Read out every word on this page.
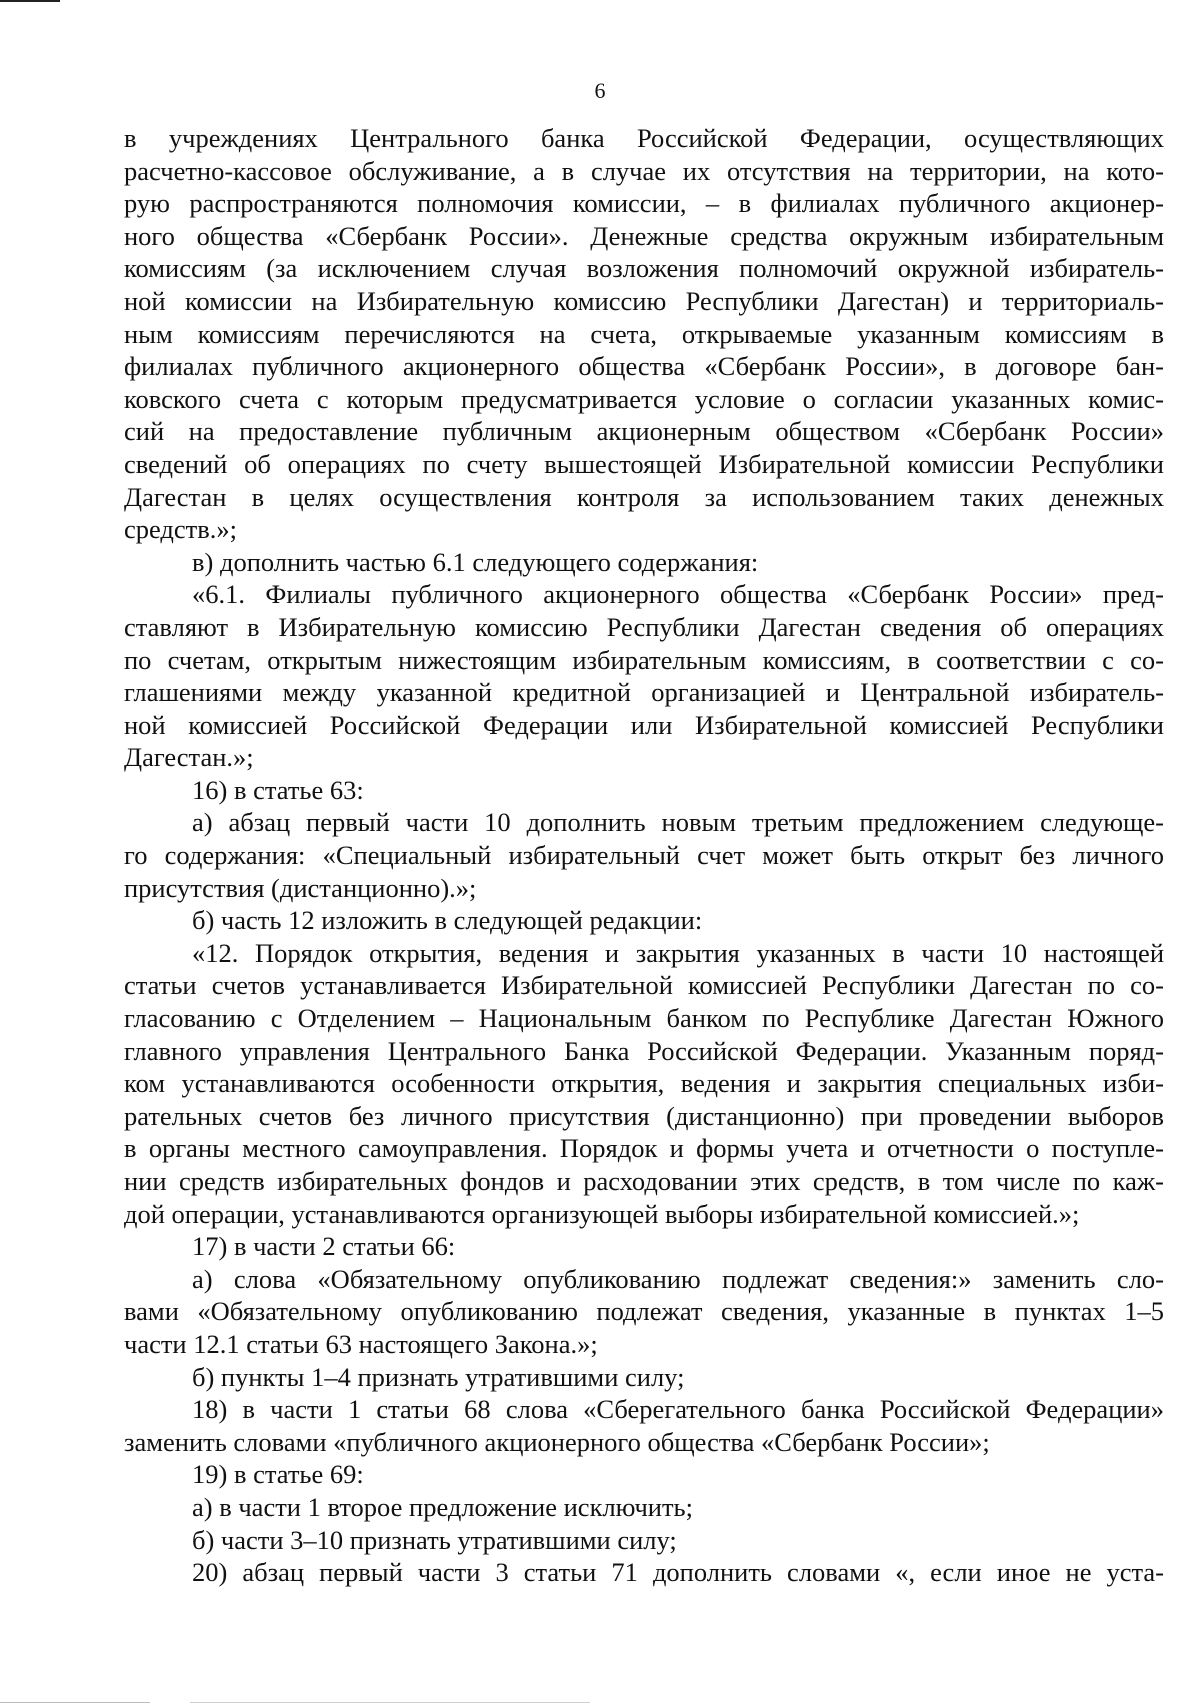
6
в учреждениях Центрального банка Российской Федерации, осуществляющих
расчетно-кассовое обслуживание, а в случае их отсутствия на территории, на кото-
рую распространяются полномочия комиссии, – в филиалах публичного акционер-
ного общества «Сбербанк России». Денежные средства окружным избирательным
комиссиям (за исключением случая возложения полномочий окружной избиратель-
ной комиссии на Избирательную комиссию Республики Дагестан) и территориаль-
ным комиссиям перечисляются на счета, открываемые указанным комиссиям в
филиалах публичного акционерного общества «Сбербанк России», в договоре бан-
ковского счета с которым предусматривается условие о согласии указанных комис-
сий на предоставление публичным акционерным обществом «Сбербанк России»
сведений об операциях по счету вышестоящей Избирательной комиссии Республики
Дагестан в целях осуществления контроля за использованием таких денежных
средств.»;
в) дополнить частью 6.1 следующего содержания:
«6.1. Филиалы публичного акционерного общества «Сбербанк России» пред-
ставляют в Избирательную комиссию Республики Дагестан сведения об операциях
по счетам, открытым нижестоящим избирательным комиссиям, в соответствии с со-
глашениями между указанной кредитной организацией и Центральной избиратель-
ной комиссией Российской Федерации или Избирательной комиссией Республики
Дагестан.»;
16) в статье 63:
а) абзац первый части 10 дополнить новым третьим предложением следующе-
го содержания: «Специальный избирательный счет может быть открыт без личного
присутствия (дистанционно).»;
б) часть 12 изложить в следующей редакции:
«12. Порядок открытия, ведения и закрытия указанных в части 10 настоящей
статьи счетов устанавливается Избирательной комиссией Республики Дагестан по со-
гласованию с Отделением – Национальным банком по Республике Дагестан Южного
главного управления Центрального Банка Российской Федерации. Указанным поряд-
ком устанавливаются особенности открытия, ведения и закрытия специальных изби-
рательных счетов без личного присутствия (дистанционно) при проведении выборов
в органы местного самоуправления. Порядок и формы учета и отчетности о поступле-
нии средств избирательных фондов и расходовании этих средств, в том числе по каж-
дой операции, устанавливаются организующей выборы избирательной комиссией.»;
17) в части 2 статьи 66:
а) слова «Обязательному опубликованию подлежат сведения:» заменить сло-
вами «Обязательному опубликованию подлежат сведения, указанные в пунктах 1–5
части 12.1 статьи 63 настоящего Закона.»;
б) пункты 1–4 признать утратившими силу;
18) в части 1 статьи 68 слова «Сберегательного банка Российской Федерации»
заменить словами «публичного акционерного общества «Сбербанк России»;
19) в статье 69:
а) в части 1 второе предложение исключить;
б) части 3–10 признать утратившими силу;
20) абзац первый части 3 статьи 71 дополнить словами «, если иное не уста-
